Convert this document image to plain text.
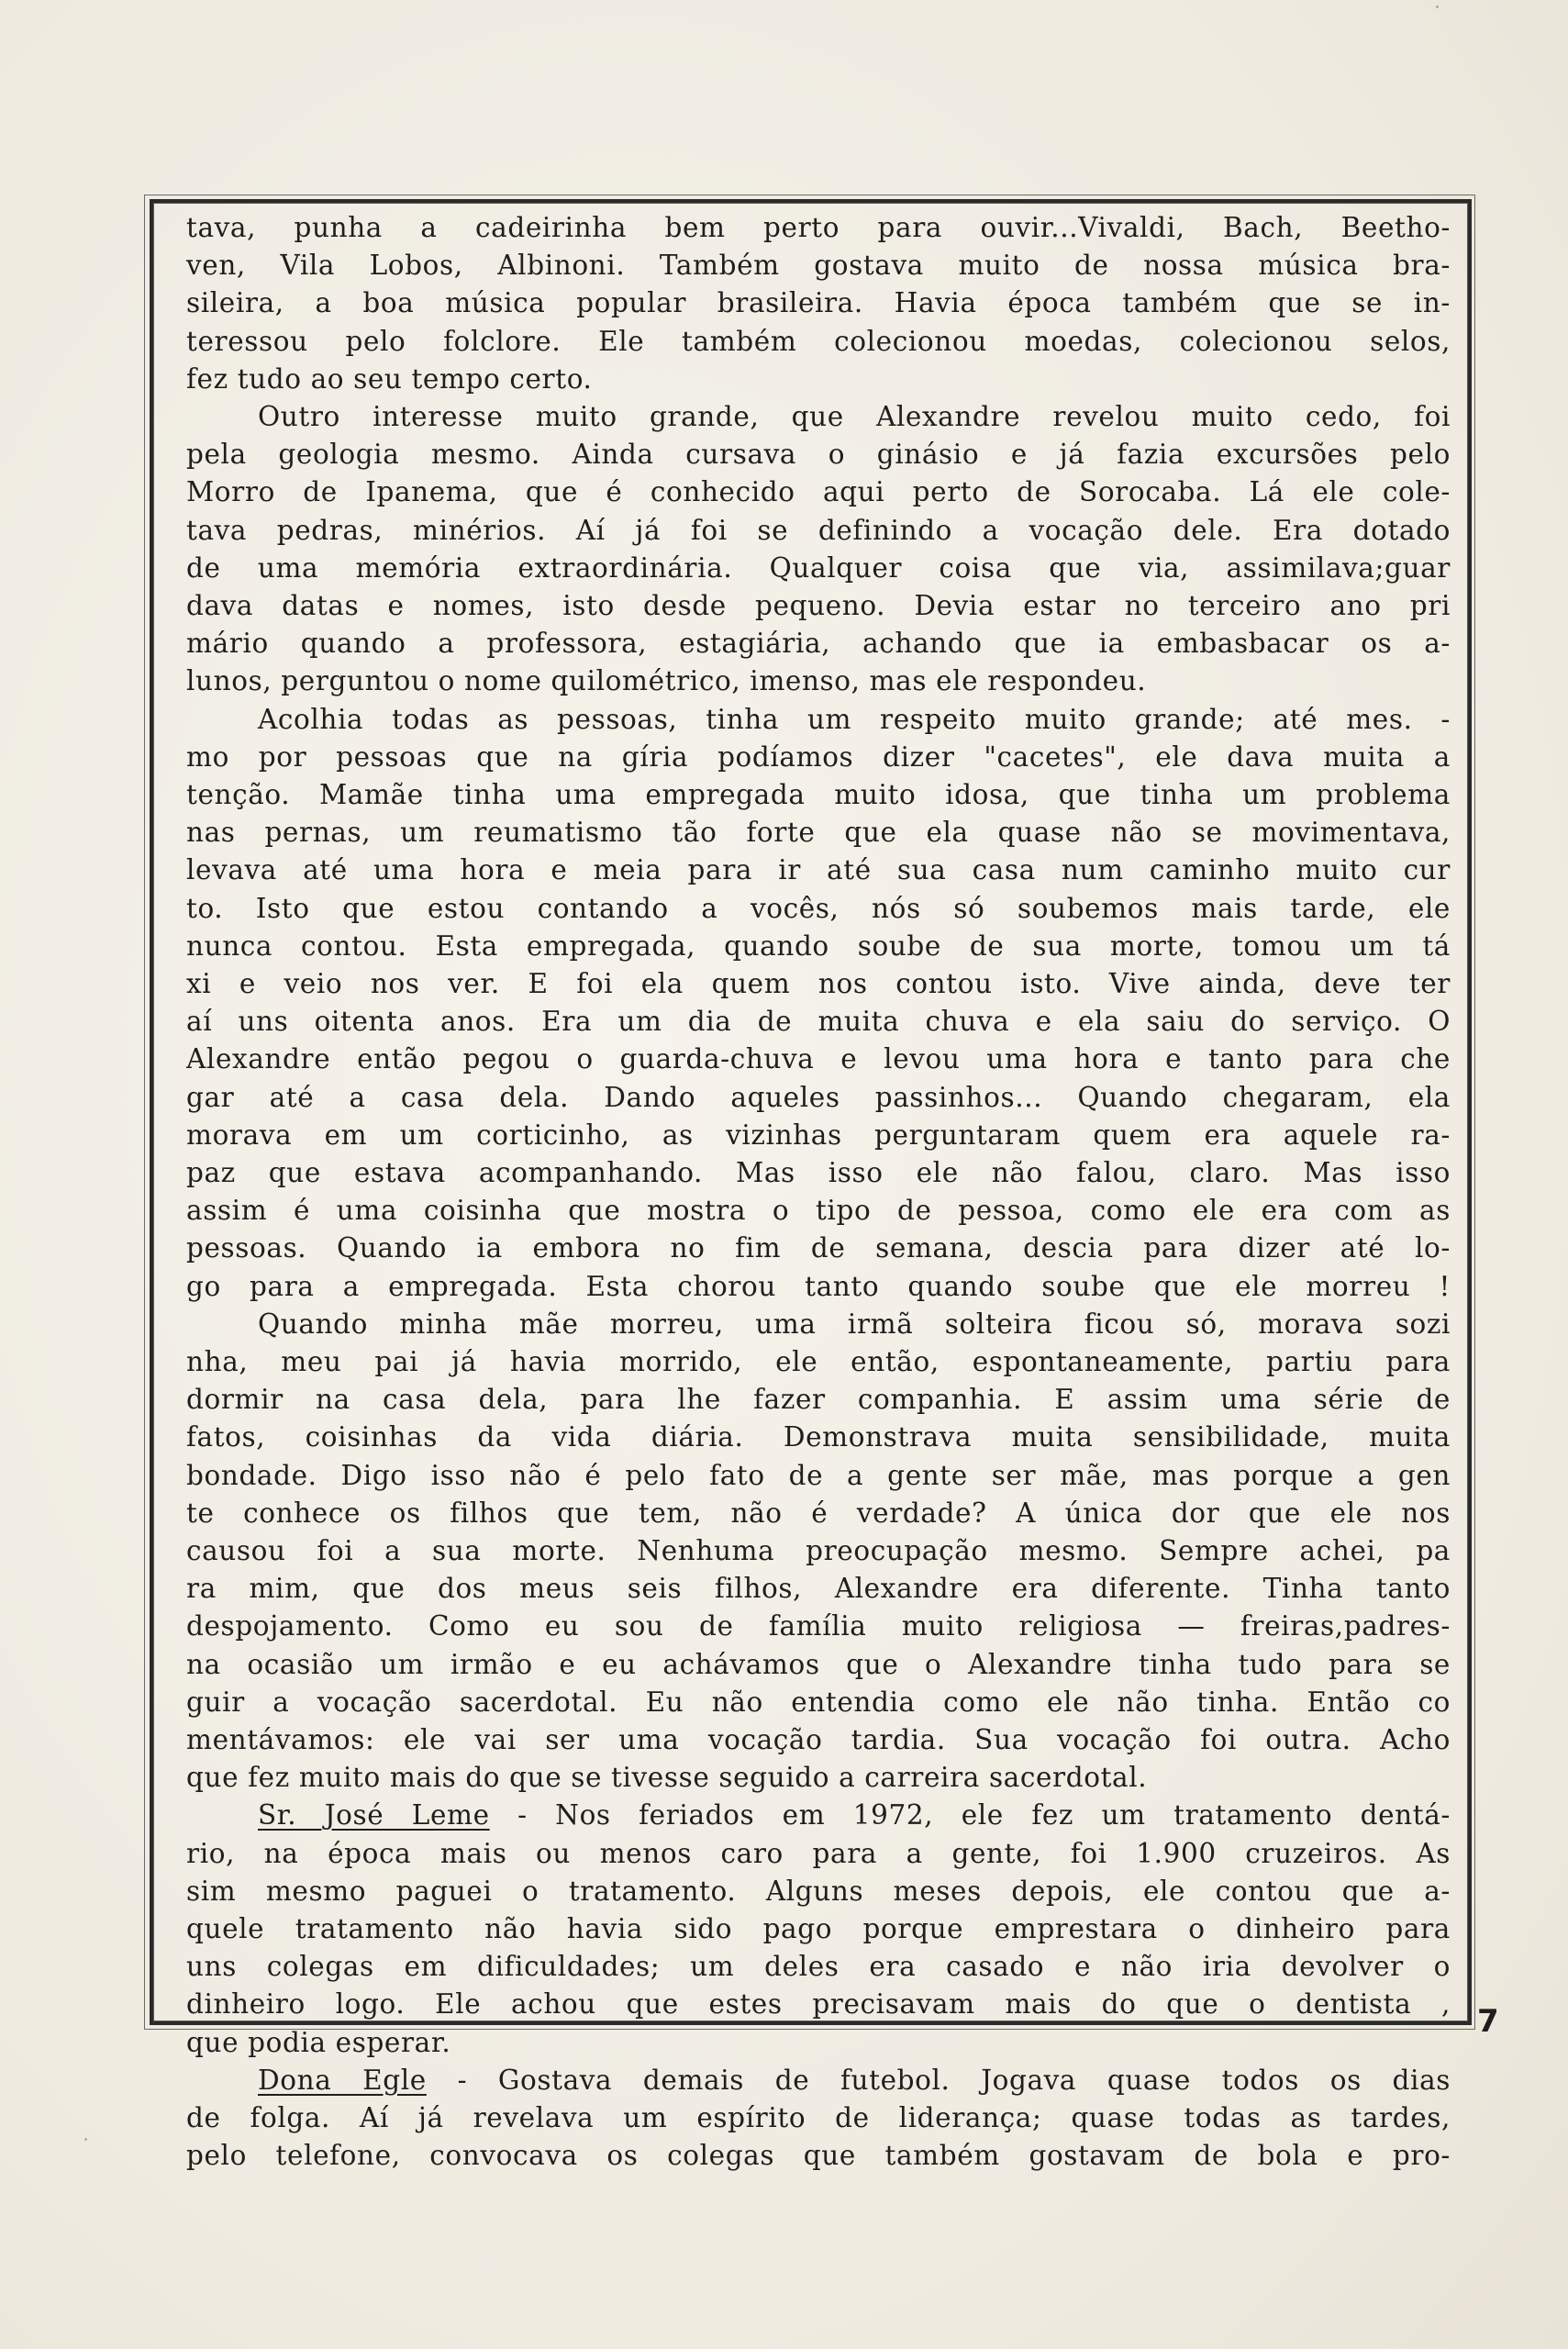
tava, punha a cadeirinha bem perto para ouvir...Vivaldi, Bach, Beetho-
ven, Vila Lobos, Albinoni. Também gostava muito de nossa música bra-
sileira, a boa música popular brasileira. Havia época também que se in-
teressou pelo folclore. Ele também colecionou moedas, colecionou selos,
fez tudo ao seu tempo certo.
Outro interesse muito grande, que Alexandre revelou muito cedo, foi
pela geologia mesmo. Ainda cursava o ginásio e já fazia excursões pelo
Morro de Ipanema, que é conhecido aqui perto de Sorocaba. Lá ele cole-
tava pedras, minérios. Aí já foi se definindo a vocação dele. Era dotado
de uma memória extraordinária. Qualquer coisa que via, assimilava;guar
dava datas e nomes, isto desde pequeno. Devia estar no terceiro ano pri
mário quando a professora, estagiária, achando que ia embasbacar os a-
lunos, perguntou o nome quilométrico, imenso, mas ele respondeu.
Acolhia todas as pessoas, tinha um respeito muito grande; até mes. -
mo por pessoas que na gíria podíamos dizer "cacetes", ele dava muita a
tenção. Mamãe tinha uma empregada muito idosa, que tinha um problema
nas pernas, um reumatismo tão forte que ela quase não se movimentava,
levava até uma hora e meia para ir até sua casa num caminho muito cur
to. Isto que estou contando a vocês, nós só soubemos mais tarde, ele
nunca contou. Esta empregada, quando soube de sua morte, tomou um tá
xi e veio nos ver. E foi ela quem nos contou isto. Vive ainda, deve ter
aí uns oitenta anos. Era um dia de muita chuva e ela saiu do serviço. O
Alexandre então pegou o guarda-chuva e levou uma hora e tanto para che
gar até a casa dela. Dando aqueles passinhos... Quando chegaram, ela
morava em um corticinho, as vizinhas perguntaram quem era aquele ra-
paz que estava acompanhando. Mas isso ele não falou, claro. Mas isso
assim é uma coisinha que mostra o tipo de pessoa, como ele era com as
pessoas. Quando ia embora no fim de semana, descia para dizer até lo-
go para a empregada. Esta chorou tanto quando soube que ele morreu !
Quando minha mãe morreu, uma irmã solteira ficou só, morava sozi
nha, meu pai já havia morrido, ele então, espontaneamente, partiu para
dormir na casa dela, para lhe fazer companhia. E assim uma série de
fatos, coisinhas da vida diária. Demonstrava muita sensibilidade, muita
bondade. Digo isso não é pelo fato de a gente ser mãe, mas porque a gen
te conhece os filhos que tem, não é verdade? A única dor que ele nos
causou foi a sua morte. Nenhuma preocupação mesmo. Sempre achei, pa
ra mim, que dos meus seis filhos, Alexandre era diferente. Tinha tanto
despojamento. Como eu sou de família muito religiosa — freiras,padres-
na ocasião um irmão e eu achávamos que o Alexandre tinha tudo para se
guir a vocação sacerdotal. Eu não entendia como ele não tinha. Então co
mentávamos: ele vai ser uma vocação tardia. Sua vocação foi outra. Acho
que fez muito mais do que se tivesse seguido a carreira sacerdotal.
Sr. José Leme - Nos feriados em 1972, ele fez um tratamento dentá-
rio, na época mais ou menos caro para a gente, foi 1.900 cruzeiros. As
sim mesmo paguei o tratamento. Alguns meses depois, ele contou que a-
quele tratamento não havia sido pago porque emprestara o dinheiro para
uns colegas em dificuldades; um deles era casado e não iria devolver o
dinheiro logo. Ele achou que estes precisavam mais do que o dentista ,
que podia esperar.
Dona Egle - Gostava demais de futebol. Jogava quase todos os dias
de folga. Aí já revelava um espírito de liderança; quase todas as tardes,
pelo telefone, convocava os colegas que também gostavam de bola e pro-
7
